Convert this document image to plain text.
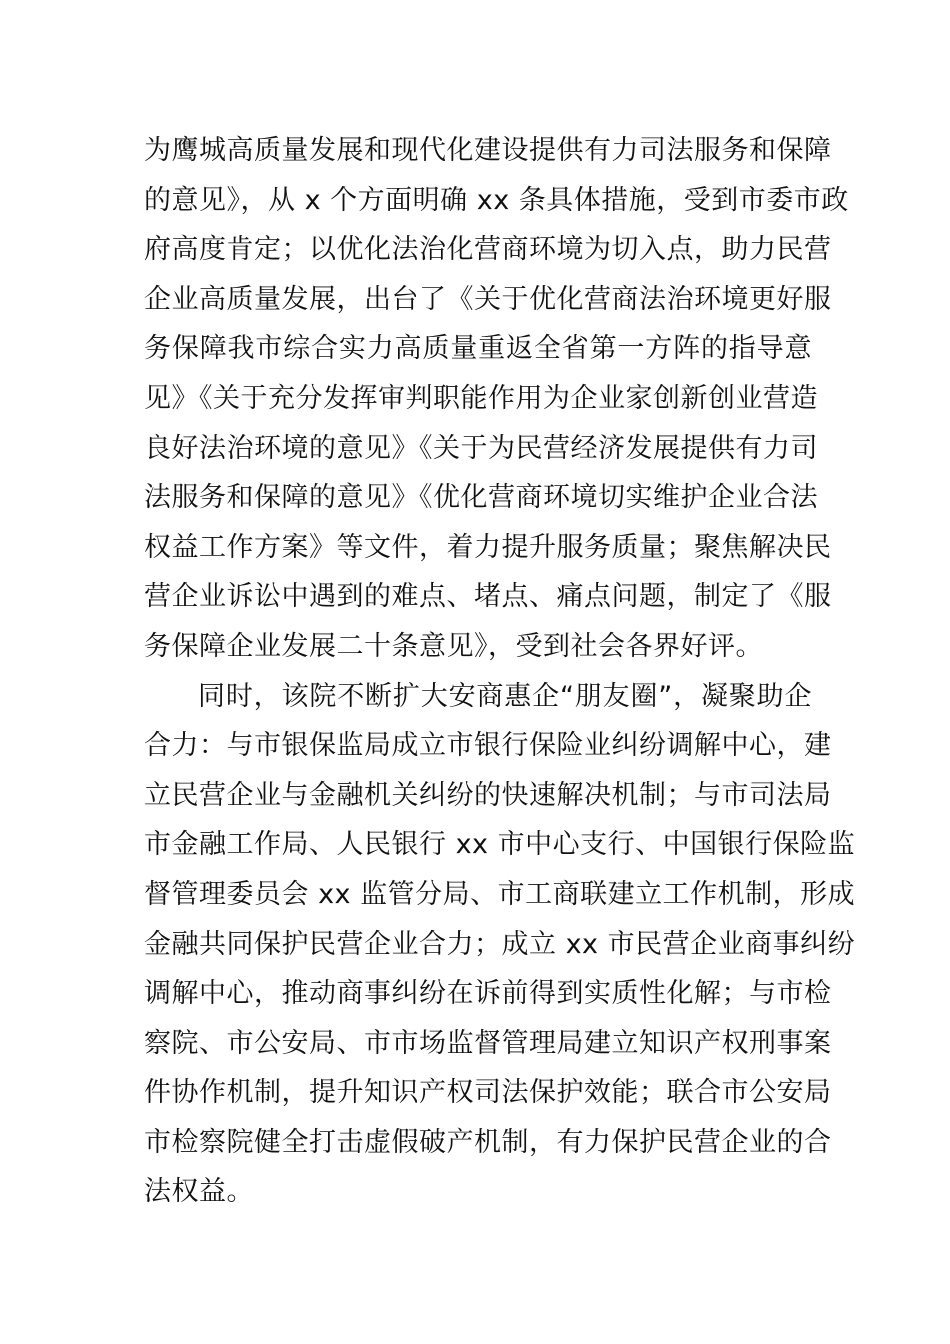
为鹰城高质量发展和现代化建设提供有力司法服务和保障
的意见》，从 x 个方面明确 xx 条具体措施，受到市委市政
府高度肯定；以优化法治化营商环境为切入点，助力民营
企业高质量发展，出台了《关于优化营商法治环境更好服
务保障我市综合实力高质量重返全省第一方阵的指导意
见》《关于充分发挥审判职能作用为企业家创新创业营造
良好法治环境的意见》《关于为民营经济发展提供有力司
法服务和保障的意见》《优化营商环境切实维护企业合法
权益工作方案》等文件，着力提升服务质量；聚焦解决民
营企业诉讼中遇到的难点、堵点、痛点问题，制定了《服
务保障企业发展二十条意见》，受到社会各界好评。
同时，该院不断扩大安商惠企“朋友圈”，凝聚助企
合力：与市银保监局成立市银行保险业纠纷调解中心，建
立民营企业与金融机关纠纷的快速解决机制；与市司法局
市金融工作局、人民银行 xx 市中心支行、中国银行保险监
督管理委员会 xx 监管分局、市工商联建立工作机制，形成
金融共同保护民营企业合力；成立 xx 市民营企业商事纠纷
调解中心，推动商事纠纷在诉前得到实质性化解；与市检
察院、市公安局、市市场监督管理局建立知识产权刑事案
件协作机制，提升知识产权司法保护效能；联合市公安局
市检察院健全打击虚假破产机制，有力保护民营企业的合
法权益。
